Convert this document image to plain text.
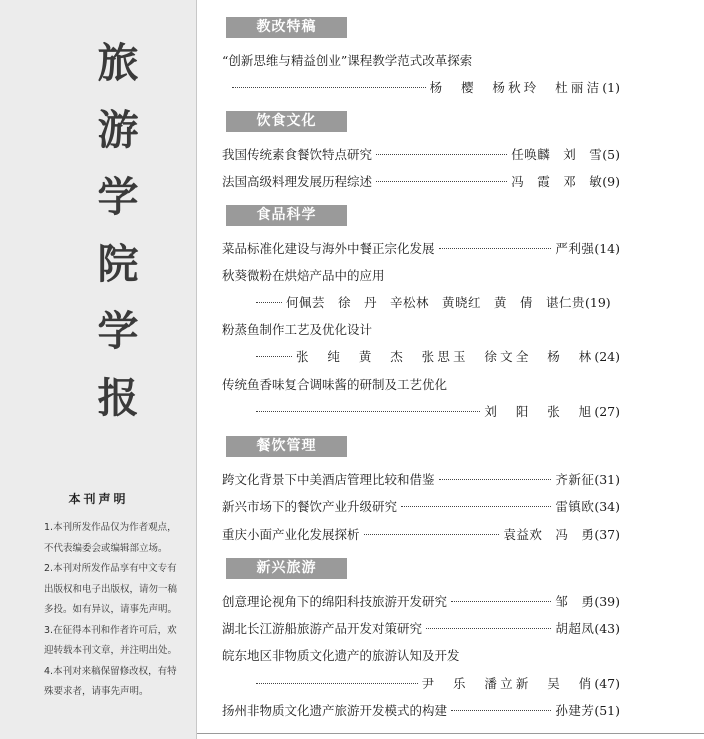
旅
游
学
院
学
报
本刊声明

1.本刊所发作品仅为作者观点，

不代表编委会或编辑部立场。

2.本刊对所发作品享有中文专有

出版权和电子出版权，请勿一稿

多投。如有异议，请事先声明。

3.在征得本刊和作者许可后，欢

迎转载本刊文章，并注明出处。

4.本刊对来稿保留修改权，有特

殊要求者，请事先声明。

教改特稿
“创新思维与精益创业”课程教学范式改革探索
杨　樱　杨秋玲　杜丽洁 (1)
饮食文化
我国传统素食餐饮特点研究	任唤麟　刘　雪 (5)
法国高级料理发展历程综述	冯　霞　邓　敏 (9)
食品科学
菜品标准化建设与海外中餐正宗化发展	严利强 (14)
秋葵微粉在烘焙产品中的应用
何佩芸　徐　丹　辛松林　黄晓红　黄　倩　谌仁贵 (19)
粉蒸鱼制作工艺及优化设计
张　纯　黄　杰　张思玉　徐文全　杨　林 (24)
传统鱼香味复合调味酱的研制及工艺优化
刘　阳　张　旭 (27)
餐饮管理
跨文化背景下中美酒店管理比较和借鉴	齐新征 (31)
新兴市场下的餐饮产业升级研究	雷镇欧 (34)
重庆小面产业化发展探析	袁益欢　冯　勇 (37)
新兴旅游
创意理论视角下的绵阳科技旅游开发研究	邹　勇 (39)
湖北长江游船旅游产品开发对策研究	胡超凤 (43)
皖东地区非物质文化遗产的旅游认知及开发
尹　乐　潘立新　吴　俏 (47)
扬州非物质文化遗产旅游开发模式的构建	孙建芳 (51)
